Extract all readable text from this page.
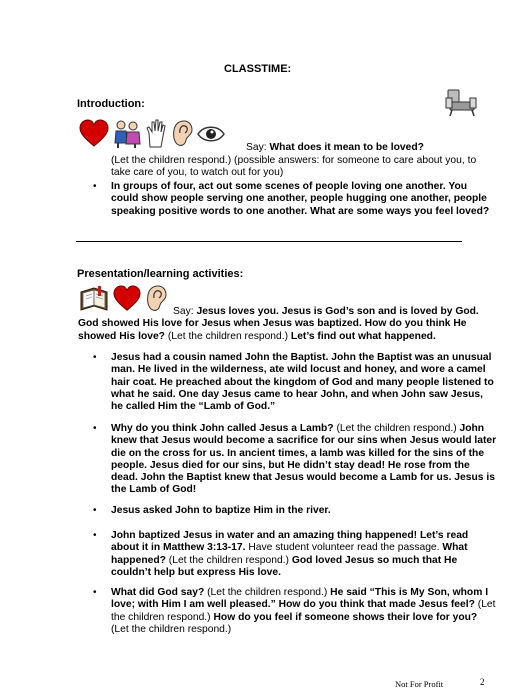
CLASSTIME:
Introduction:
Say: What does it mean to be loved?
(Let the children respond.) (possible answers: for someone to care about you, to take care of you, to watch out for you)
• In groups of four, act out some scenes of people loving one another. You could show people serving one another, people hugging one another, people speaking positive words to one another. What are some ways you feel loved?
Presentation/learning activities:
Say: Jesus loves you. Jesus is God’s son and is loved by God. God showed His love for Jesus when Jesus was baptized. How do you think He showed His love? (Let the children respond.) Let’s find out what happened.
• Jesus had a cousin named John the Baptist. John the Baptist was an unusual man. He lived in the wilderness, ate wild locust and honey, and wore a camel hair coat. He preached about the kingdom of God and many people listened to what he said. One day Jesus came to hear John, and when John saw Jesus, he called Him the “Lamb of God.”
• Why do you think John called Jesus a Lamb? (Let the children respond.) John knew that Jesus would become a sacrifice for our sins when Jesus would later die on the cross for us. In ancient times, a lamb was killed for the sins of the people. Jesus died for our sins, but He didn’t stay dead! He rose from the dead. John the Baptist knew that Jesus would become a Lamb for us. Jesus is the Lamb of God!
• Jesus asked John to baptize Him in the river.
• John baptized Jesus in water and an amazing thing happened! Let’s read about it in Matthew 3:13-17. Have student volunteer read the passage. What happened? (Let the children respond.) God loved Jesus so much that He couldn’t help but express His love.
• What did God say? (Let the children respond.) He said “This is My Son, whom I love; with Him I am well pleased.” How do you think that made Jesus feel? (Let the children respond.) How do you feel if someone shows their love for you? (Let the children respond.)
Not For Profit	2
